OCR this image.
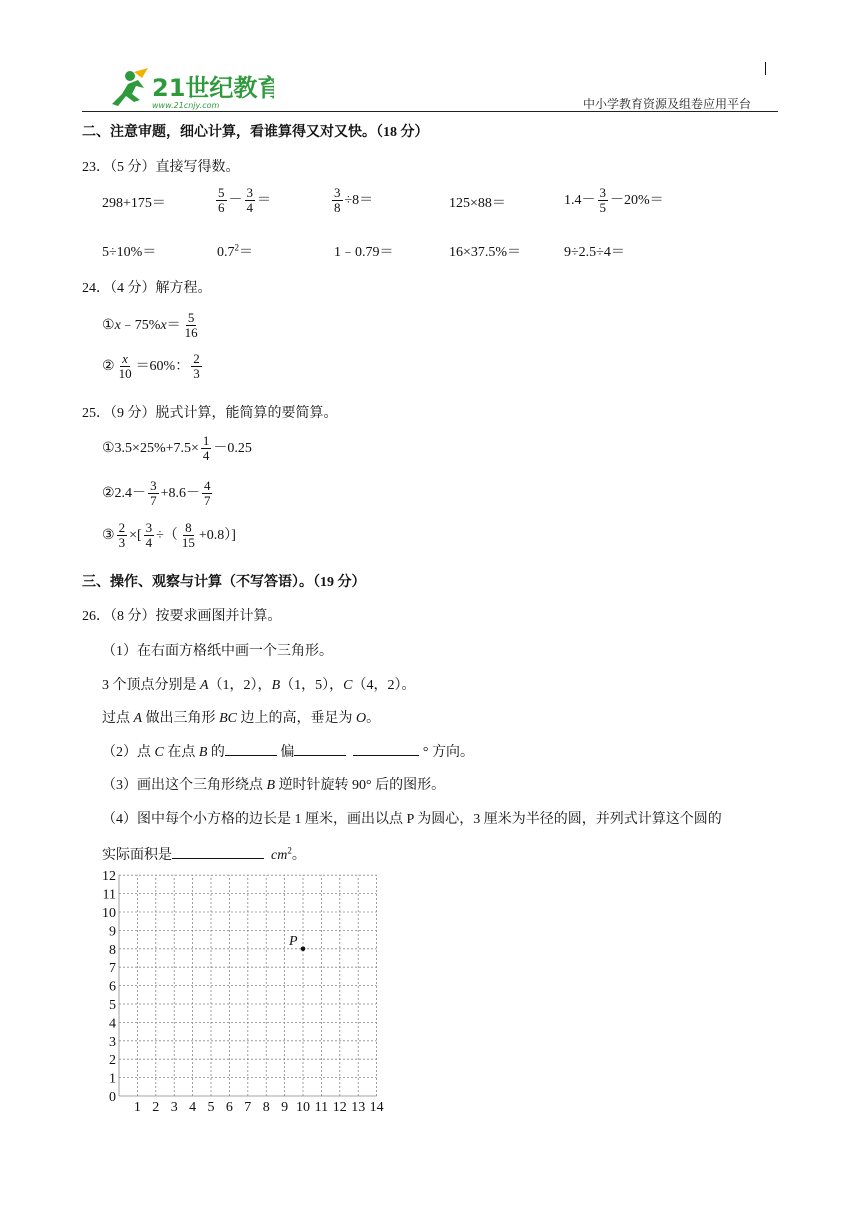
21世纪教育
www.21cnjy.com	中小学教育资源及组卷应用平台
二、注意审题，细心计算，看谁算得又对又快。（18 分）
23．（5 分）直接写得数。
298+175＝	$\frac{5}{6} - \frac{3}{4}$ ＝	$\frac{3}{8} \div 8=$	125×88＝	$1.4- \frac{3}{5} -20\%=$
5÷10%＝	$0.7^2=$	1﹣0.79＝	16×37.5%＝	9÷2.5÷4＝
24．（4 分）解方程。
①x﹣75%x＝ $\frac{5}{16}$
② $\frac{x}{10} =60\%$： $\frac{2}{3}$
25．（9 分）脱式计算，能简算的要简算。
①3.5×25%+7.5× $\frac{1}{4} -0.25$
②2.4－ $\frac{3}{7} +8.6- \frac{4}{7}$
③ $\frac{2}{3}$ ×[ $\frac{3}{4}$ ÷（ $\frac{8}{15} +0.8$）]
三、操作、观察与计算（不写答语）。（19 分）
26．（8 分）按要求画图并计算。
（1）在右面方格纸中画一个三角形。
3 个顶点分别是 A（1，2），B（1，5），C（4，2）。
过点 A 做出三角形 BC 边上的高，垂足为 O。
（2）点 C 在点 B 的	偏	° 方向。
（3）画出这个三角形绕点 B 逆时针旋转 90° 后的图形。
（4）图中每个小方格的边长是 1 厘米，画出以点 P 为圆心，3 厘米为半径的圆，并列式计算这个圆的
实际面积是	$cm^2$。
1 2 3 4 5 6 7 8 9 10 11 12 13 14
0
1
2
3
4
5
6
7
8
9
10
11
12
P
